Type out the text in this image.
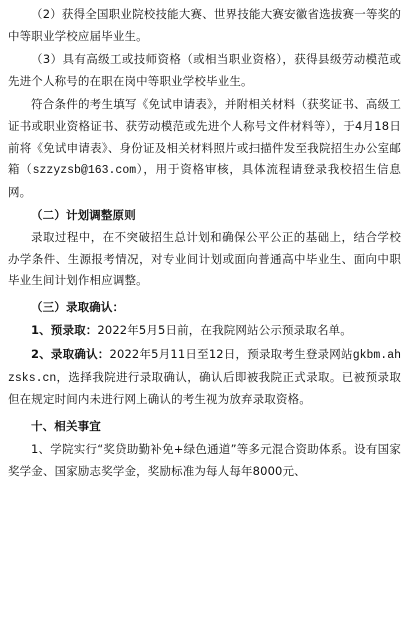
（2）获得全国职业院校技能大赛、世界技能大赛安徽省选拔赛一等奖的中等职业学校应届毕业生。

（3）具有高级工或技师资格（或相当职业资格），获得县级劳动模范或先进个人称号的在职在岗中等职业学校毕业生。

符合条件的考生填写《免试申请表》，并附相关材料（获奖证书、高级工证书或职业资格证书、获劳动模范或先进个人称号文件材料等），于4月18日前将《免试申请表》、身份证及相关材料照片或扫描件发至我院招生办公室邮箱（szzyzsb@163.com），用于资格审核，具体流程请登录我校招生信息网。

（二）计划调整原则

录取过程中，在不突破招生总计划和确保公平公正的基础上，结合学校办学条件、生源报考情况，对专业间计划或面向普通高中毕业生、面向中职毕业生间计划作相应调整。

（三）录取确认：

1、预录取：2022年5月5日前，在我院网站公示预录取名单。

2、录取确认：2022年5月11日至12日，预录取考生登录网站gkbm.ahzsks.cn，选择我院进行录取确认，确认后即被我院正式录取。已被预录取但在规定时间内未进行网上确认的考生视为放弃录取资格。

十、相关事宜

1、学院实行“奖贷助勤补免+绿色通道”等多元混合资助体系。设有国家奖学金、国家励志奖学金，奖励标准为每人每年8000元、
